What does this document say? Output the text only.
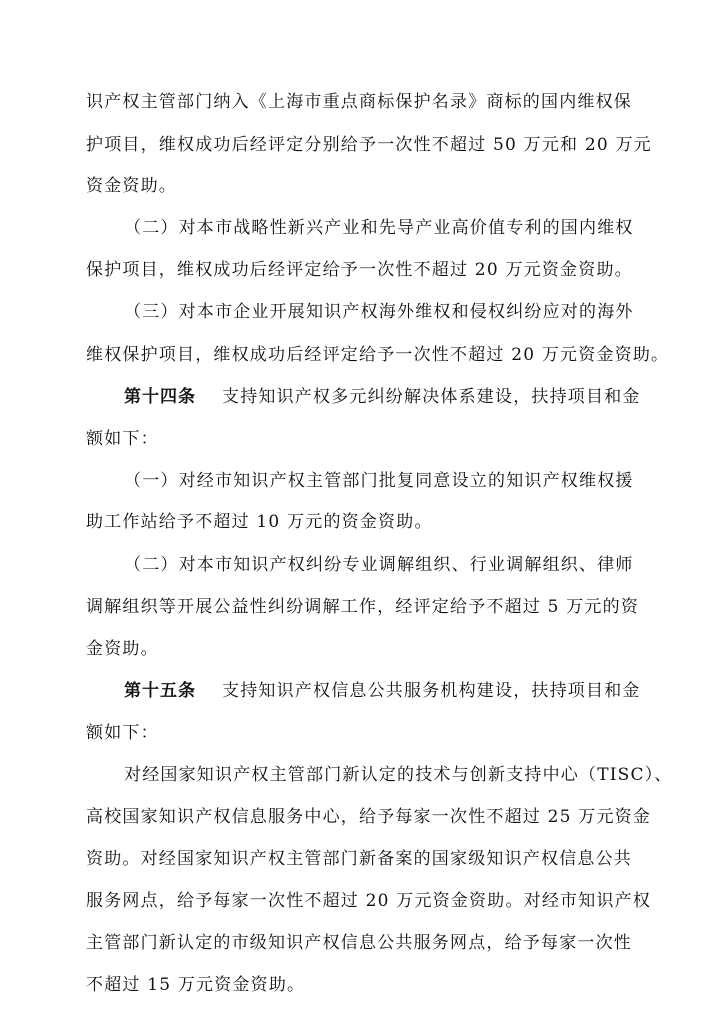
识产权主管部门纳入《上海市重点商标保护名录》商标的国内维权保
护项目，维权成功后经评定分别给予一次性不超过 50 万元和 20 万元
资金资助。
（二）对本市战略性新兴产业和先导产业高价值专利的国内维权
保护项目，维权成功后经评定给予一次性不超过 20 万元资金资助。
（三）对本市企业开展知识产权海外维权和侵权纠纷应对的海外
维权保护项目，维权成功后经评定给予一次性不超过 20 万元资金资助。
第十四条 支持知识产权多元纠纷解决体系建设，扶持项目和金
额如下：
（一）对经市知识产权主管部门批复同意设立的知识产权维权援
助工作站给予不超过 10 万元的资金资助。
（二）对本市知识产权纠纷专业调解组织、行业调解组织、律师
调解组织等开展公益性纠纷调解工作，经评定给予不超过 5 万元的资
金资助。
第十五条 支持知识产权信息公共服务机构建设，扶持项目和金
额如下：
对经国家知识产权主管部门新认定的技术与创新支持中心（TISC）、
高校国家知识产权信息服务中心，给予每家一次性不超过 25 万元资金
资助。对经国家知识产权主管部门新备案的国家级知识产权信息公共
服务网点，给予每家一次性不超过 20 万元资金资助。对经市知识产权
主管部门新认定的市级知识产权信息公共服务网点，给予每家一次性
不超过 15 万元资金资助。
